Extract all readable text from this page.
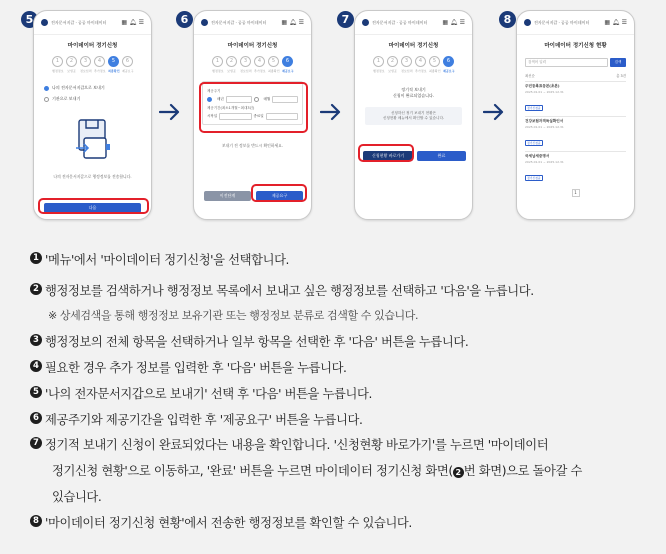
5	전자문서지갑 · 공공 마이데이터	▦ 🔔︎ ☰
마이데이터 정기신청
1	2	3	4	5	6
행정정보	보낼곳	정보입력 추가정보 최종확인 제공요구
나의 전자문서지갑으로 보내기
기관으로 보내기
나의 전자문서지갑으로 행정정보를 전송합니다.
다음
6	전자문서지갑 · 공공 마이데이터	▦ 🔔︎ ☰
마이데이터 정기신청
1	2	3	4	5	6
행정정보	보낼곳	정보입력 추가정보 최종확인 제공요구
제공주기
매년	매월
제공기간(최소1개월~최대3년)
시작일	종료일
보내기 전 정보를 반드시 확인하세요.
이전단계	제공요구
7	전자문서지갑 · 공공 마이데이터	▦ 🔔︎ ☰
마이데이터 정기신청
1	2	3	4	5	6
행정정보	보낼곳	정보입력 추가정보 최종확인 제공요구
정기적 보내기
신청이 완료되었습니다.
신청하신 정기 보내기 현황은
신청현황 메뉴에서 확인할 수 있습니다.
신청현황 바로가기	완료
8	전자문서지갑 · 공공 마이데이터	▦ 🔔︎ ☰
마이데이터 정기신청 현황
검색어 입력	검색
최신순	총 3건
주민등록표등본(초본)
2025.01.01 ~ 2025.12.31
정기신청중
건강보험자격득실확인서
2025.01.01 ~ 2025.12.31
정기신청중
국세납세증명서
2025.01.01 ~ 2025.12.31
정기신청중
1
1 '메뉴'에서 '마이데이터 정기신청'을 선택합니다.
2 행정정보를 검색하거나 행정정보 목록에서 보내고 싶은 행정정보를 선택하고 '다음'을 누릅니다.
※ 상세검색을 통해 행정정보 보유기관 또는 행정정보 분류로 검색할 수 있습니다.
3 행정정보의 전체 항목을 선택하거나 일부 항목을 선택한 후 '다음' 버튼을 누릅니다.
4 필요한 경우 추가 정보를 입력한 후 '다음' 버튼을 누릅니다.
5 '나의 전자문서지갑으로 보내기' 선택 후 '다음' 버튼을 누릅니다.
6 제공주기와 제공기간을 입력한 후 '제공요구' 버튼을 누릅니다.
7 정기적 보내기 신청이 완료되었다는 내용을 확인합니다. '신청현황 바로가기'를 누르면 '마이데이터
정기신청 현황'으로 이동하고, '완료' 버튼을 누르면 마이데이터 정기신청 화면( 2 번 화면)으로 돌아갈 수
있습니다.
8 '마이데이터 정기신청 현황'에서 전송한 행정정보를 확인할 수 있습니다.
